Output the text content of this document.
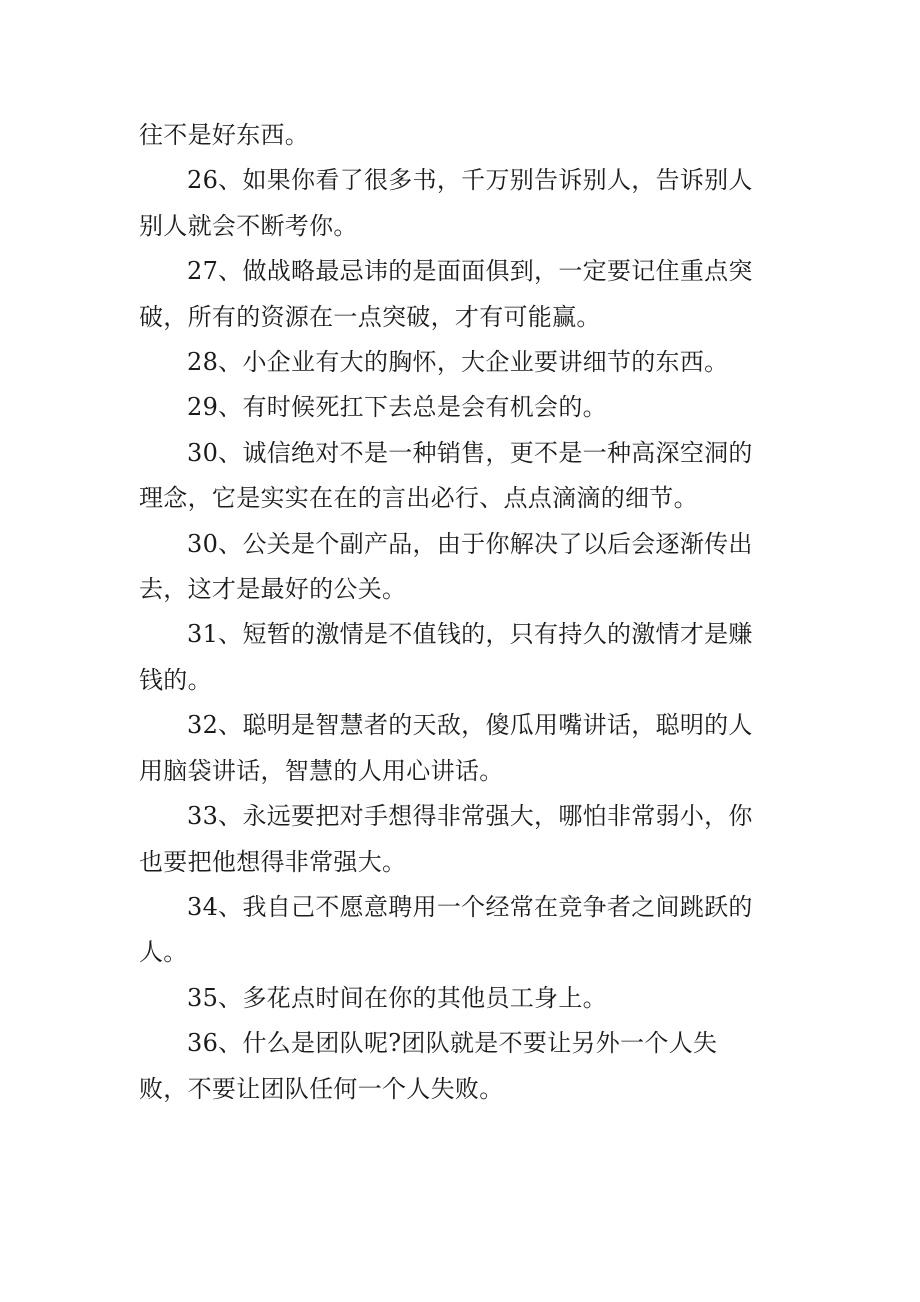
往不是好东西。

26、如果你看了很多书，千万别告诉别人，告诉别人别人就会不断考你。

27、做战略最忌讳的是面面俱到，一定要记住重点突破，所有的资源在一点突破，才有可能赢。

28、小企业有大的胸怀，大企业要讲细节的东西。

29、有时候死扛下去总是会有机会的。

30、诚信绝对不是一种销售，更不是一种高深空洞的理念，它是实实在在的言出必行、点点滴滴的细节。

30、公关是个副产品，由于你解决了以后会逐渐传出去，这才是最好的公关。

31、短暂的激情是不值钱的，只有持久的激情才是赚钱的。

32、聪明是智慧者的天敌，傻瓜用嘴讲话，聪明的人用脑袋讲话，智慧的人用心讲话。

33、永远要把对手想得非常强大，哪怕非常弱小，你也要把他想得非常强大。

34、我自己不愿意聘用一个经常在竞争者之间跳跃的人。

35、多花点时间在你的其他员工身上。

36、什么是团队呢?团队就是不要让另外一个人失败，不要让团队任何一个人失败。
